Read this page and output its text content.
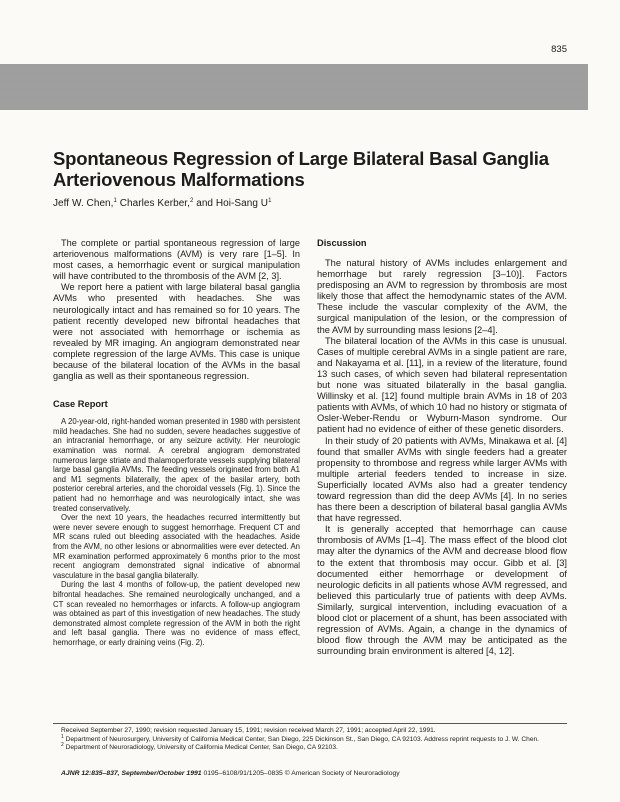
835
Spontaneous Regression of Large Bilateral Basal Ganglia
Arteriovenous Malformations
Jeff W. Chen,$^1$ Charles Kerber,$^2$ and Hoi-Sang $U^1$

The complete or partial spontaneous regression of large arteriovenous malformations (AVM) is very rare [1–5]. In most cases, a hemorrhagic event or surgical manipulation will have contributed to the thrombosis of the AVM [2, 3].

We report here a patient with large bilateral basal ganglia AVMs who presented with headaches. She was neurologically intact and has remained so for 10 years. The patient recently developed new bifrontal headaches that were not associated with hemorrhage or ischemia as revealed by MR imaging. An angiogram demonstrated near complete regression of the large AVMs. This case is unique because of the bilateral location of the AVMs in the basal ganglia as well as their spontaneous regression.

Case Report

A 20-year-old, right-handed woman presented in 1980 with persistent mild headaches. She had no sudden, severe headaches suggestive of an intracranial hemorrhage, or any seizure activity. Her neurologic examination was normal. A cerebral angiogram demonstrated numerous large striate and thalamoperforate vessels supplying bilateral large basal ganglia AVMs. The feeding vessels originated from both A1 and M1 segments bilaterally, the apex of the basilar artery, both posterior cerebral arteries, and the choroidal vessels (Fig. 1). Since the patient had no hemorrhage and was neurologically intact, she was treated conservatively.

Over the next 10 years, the headaches recurred intermittently but were never severe enough to suggest hemorrhage. Frequent CT and MR scans ruled out bleeding associated with the headaches. Aside from the AVM, no other lesions or abnormalities were ever detected. An MR examination performed approximately 6 months prior to the most recent angiogram demonstrated signal indicative of abnormal vasculature in the basal ganglia bilaterally.

During the last 4 months of follow-up, the patient developed new bifrontal headaches. She remained neurologically unchanged, and a CT scan revealed no hemorrhages or infarcts. A follow-up angiogram was obtained as part of this investigation of new headaches. The study demonstrated almost complete regression of the AVM in both the right and left basal ganglia. There was no evidence of mass effect, hemorrhage, or early draining veins (Fig. 2).

Discussion

The natural history of AVMs includes enlargement and hemorrhage but rarely regression [3–10)]. Factors predisposing an AVM to regression by thrombosis are most likely those that affect the hemodynamic states of the AVM. These include the vascular complexity of the AVM, the surgical manipulation of the lesion, or the compression of the AVM by surrounding mass lesions [2–4].

The bilateral location of the AVMs in this case is unusual. Cases of multiple cerebral AVMs in a single patient are rare, and Nakayama et al. [11], in a review of the literature, found 13 such cases, of which seven had bilateral representation but none was situated bilaterally in the basal ganglia. Willinsky et al. [12] found multiple brain AVMs in 18 of 203 patients with AVMs, of which 10 had no history or stigmata of Osler-Weber-Rendu or Wyburn-Mason syndrome. Our patient had no evidence of either of these genetic disorders.

In their study of 20 patients with AVMs, Minakawa et al. [4] found that smaller AVMs with single feeders had a greater propensity to thrombose and regress while larger AVMs with multiple arterial feeders tended to increase in size. Superficially located AVMs also had a greater tendency toward regression than did the deep AVMs [4]. In no series has there been a description of bilateral basal ganglia AVMs that have regressed.

It is generally accepted that hemorrhage can cause thrombosis of AVMs [1–4]. The mass effect of the blood clot may alter the dynamics of the AVM and decrease blood flow to the extent that thrombosis may occur. Gibb et al. [3] documented either hemorrhage or development of neurologic deficits in all patients whose AVM regressed, and believed this particularly true of patients with deep AVMs. Similarly, surgical intervention, including evacuation of a blood clot or placement of a shunt, has been associated with regression of AVMs. Again, a change in the dynamics of blood flow through the AVM may be anticipated as the surrounding brain environment is altered [4, 12].

Received September 27, 1990; revision requested January 15, 1991; revision received March 27, 1991; accepted April 22, 1991.

$^1$ Department of Neurosurgery, University of California Medical Center, San Diego, 225 Dickinson St., San Diego, CA 92103. Address reprint requests to J. W. Chen.

$^2$ Department of Neuroradiology, University of California Medical Center, San Diego, CA 92103.

AJNR 12:835–837, September/October 1991 0195–6108/91/1205–0835 © American Society of Neuroradiology
